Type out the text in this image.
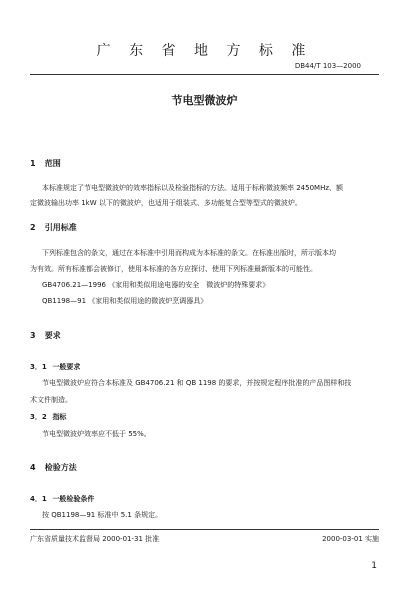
广 东 省 地 方 标 准
DB44/T 103—2000
节电型微波炉
1 范围
本标准规定了节电型微波炉的效率指标以及检验指标的方法。适用于标称微波频率 2450MHz、额
定微波输出功率 1kW 以下的微波炉，也适用于组装式、多功能复合型等型式的微波炉。
2 引用标准
下列标准包含的条文，通过在本标准中引用而构成为本标准的条文。在标准出版时，所示版本均
为有效。所有标准都会被修订，使用本标准的各方应探讨、使用下列标准最新版本的可能性。
GB4706.21—1996 《家用和类似用途电器的安全　微波炉的特殊要求》
QB1198—91 《家用和类似用途的微波炉烹调器具》
3 要求
3．1 一般要求
节电型微波炉应符合本标准及 GB4706.21 和 QB 1198 的要求，并按规定程序批准的产品图样和技
术文件制造。
3．2 指标
节电型微波炉效率应不低于 55%。
4 检验方法
4．1 一般检验条件
按 QB1198—91 标准中 5.1 条规定。
广东省质量技术监督局 2000-01-31 批准	2000-03-01 实施
1
